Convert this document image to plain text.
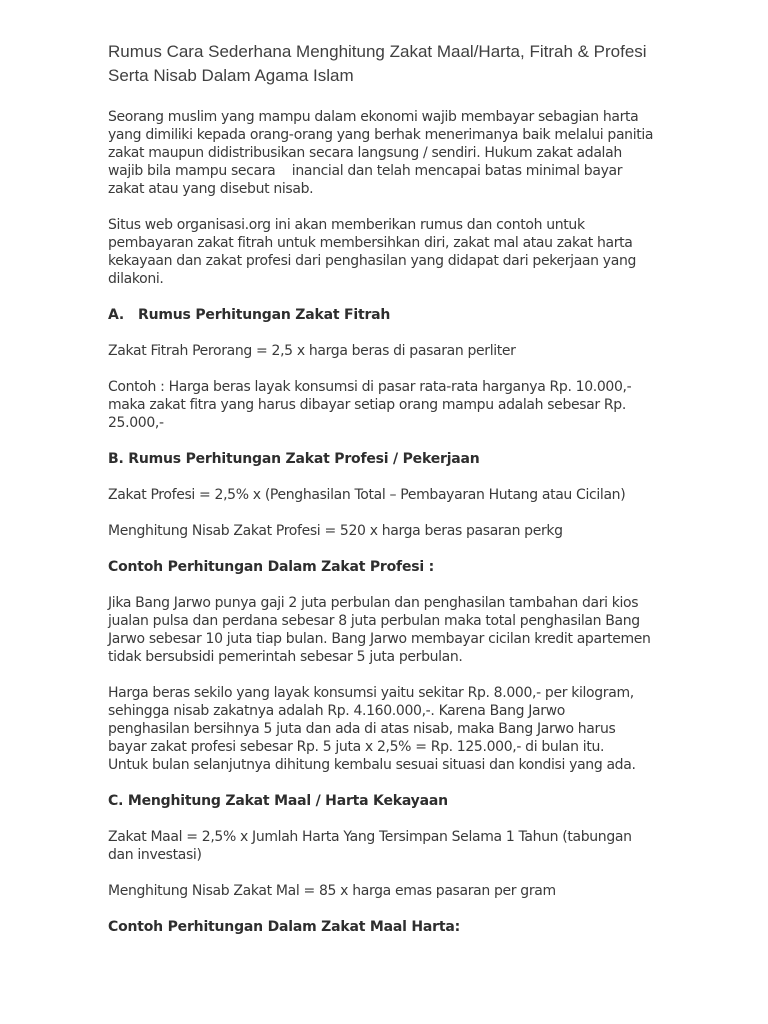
Rumus Cara Sederhana Menghitung Zakat Maal/Harta, Fitrah & Profesi
Serta Nisab Dalam Agama Islam

Seorang muslim yang mampu dalam ekonomi wajib membayar sebagian harta
yang dimiliki kepada orang-orang yang berhak menerimanya baik melalui panitia
zakat maupun didistribusikan secara langsung / sendiri. Hukum zakat adalah
wajib bila mampu secara    inancial dan telah mencapai batas minimal bayar
zakat atau yang disebut nisab.

Situs web organisasi.org ini akan memberikan rumus dan contoh untuk
pembayaran zakat fitrah untuk membersihkan diri, zakat mal atau zakat harta
kekayaan dan zakat profesi dari penghasilan yang didapat dari pekerjaan yang
dilakoni.

A.   Rumus Perhitungan Zakat Fitrah

Zakat Fitrah Perorang = 2,5 x harga beras di pasaran perliter

Contoh : Harga beras layak konsumsi di pasar rata-rata harganya Rp. 10.000,-
maka zakat fitra yang harus dibayar setiap orang mampu adalah sebesar Rp.
25.000,-

B. Rumus Perhitungan Zakat Profesi / Pekerjaan

Zakat Profesi = 2,5% x (Penghasilan Total – Pembayaran Hutang atau Cicilan)

Menghitung Nisab Zakat Profesi = 520 x harga beras pasaran perkg

Contoh Perhitungan Dalam Zakat Profesi :

Jika Bang Jarwo punya gaji 2 juta perbulan dan penghasilan tambahan dari kios
jualan pulsa dan perdana sebesar 8 juta perbulan maka total penghasilan Bang
Jarwo sebesar 10 juta tiap bulan. Bang Jarwo membayar cicilan kredit apartemen
tidak bersubsidi pemerintah sebesar 5 juta perbulan.

Harga beras sekilo yang layak konsumsi yaitu sekitar Rp. 8.000,- per kilogram,
sehingga nisab zakatnya adalah Rp. 4.160.000,-. Karena Bang Jarwo
penghasilan bersihnya 5 juta dan ada di atas nisab, maka Bang Jarwo harus
bayar zakat profesi sebesar Rp. 5 juta x 2,5% = Rp. 125.000,- di bulan itu.
Untuk bulan selanjutnya dihitung kembalu sesuai situasi dan kondisi yang ada.

C. Menghitung Zakat Maal / Harta Kekayaan

Zakat Maal = 2,5% x Jumlah Harta Yang Tersimpan Selama 1 Tahun (tabungan
dan investasi)

Menghitung Nisab Zakat Mal = 85 x harga emas pasaran per gram

Contoh Perhitungan Dalam Zakat Maal Harta:
